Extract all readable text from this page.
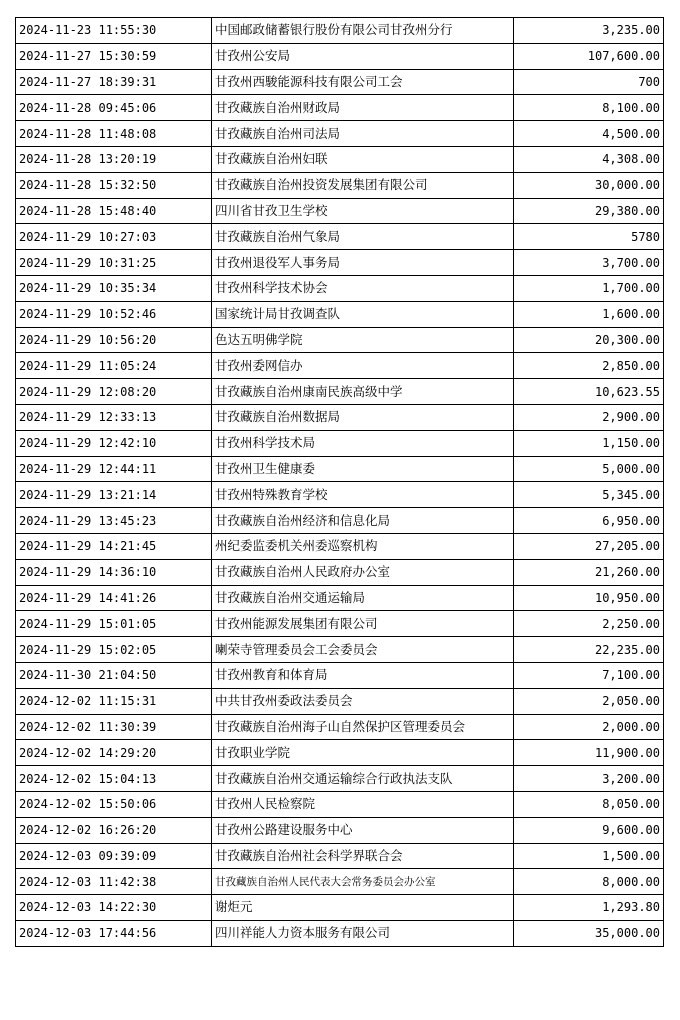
2024-11-23 11:55:30	中国邮政储蓄银行股份有限公司甘孜州分行	3,235.00
2024-11-27 15:30:59	甘孜州公安局	107,600.00
2024-11-27 18:39:31	甘孜州西駿能源科技有限公司工会	700
2024-11-28 09:45:06	甘孜藏族自治州财政局	8,100.00
2024-11-28 11:48:08	甘孜藏族自治州司法局	4,500.00
2024-11-28 13:20:19	甘孜藏族自治州妇联	4,308.00
2024-11-28 15:32:50	甘孜藏族自治州投资发展集团有限公司	30,000.00
2024-11-28 15:48:40	四川省甘孜卫生学校	29,380.00
2024-11-29 10:27:03	甘孜藏族自治州气象局	5780
2024-11-29 10:31:25	甘孜州退役军人事务局	3,700.00
2024-11-29 10:35:34	甘孜州科学技术协会	1,700.00
2024-11-29 10:52:46	国家统计局甘孜调查队	1,600.00
2024-11-29 10:56:20	色达五明佛学院	20,300.00
2024-11-29 11:05:24	甘孜州委网信办	2,850.00
2024-11-29 12:08:20	甘孜藏族自治州康南民族高级中学	10,623.55
2024-11-29 12:33:13	甘孜藏族自治州数据局	2,900.00
2024-11-29 12:42:10	甘孜州科学技术局	1,150.00
2024-11-29 12:44:11	甘孜州卫生健康委	5,000.00
2024-11-29 13:21:14	甘孜州特殊教育学校	5,345.00
2024-11-29 13:45:23	甘孜藏族自治州经济和信息化局	6,950.00
2024-11-29 14:21:45	州纪委监委机关州委巡察机构	27,205.00
2024-11-29 14:36:10	甘孜藏族自治州人民政府办公室	21,260.00
2024-11-29 14:41:26	甘孜藏族自治州交通运输局	10,950.00
2024-11-29 15:01:05	甘孜州能源发展集团有限公司	2,250.00
2024-11-29 15:02:05	喇荣寺管理委员会工会委员会	22,235.00
2024-11-30 21:04:50	甘孜州教育和体育局	7,100.00
2024-12-02 11:15:31	中共甘孜州委政法委员会	2,050.00
2024-12-02 11:30:39	甘孜藏族自治州海子山自然保护区管理委员会	2,000.00
2024-12-02 14:29:20	甘孜职业学院	11,900.00
2024-12-02 15:04:13	甘孜藏族自治州交通运输综合行政执法支队	3,200.00
2024-12-02 15:50:06	甘孜州人民检察院	8,050.00
2024-12-02 16:26:20	甘孜州公路建设服务中心	9,600.00
2024-12-03 09:39:09	甘孜藏族自治州社会科学界联合会	1,500.00
2024-12-03 11:42:38	甘孜藏族自治州人民代表大会常务委员会办公室	8,000.00
2024-12-03 14:22:30	谢炬元	1,293.80
2024-12-03 17:44:56	四川祥能人力资本服务有限公司	35,000.00
